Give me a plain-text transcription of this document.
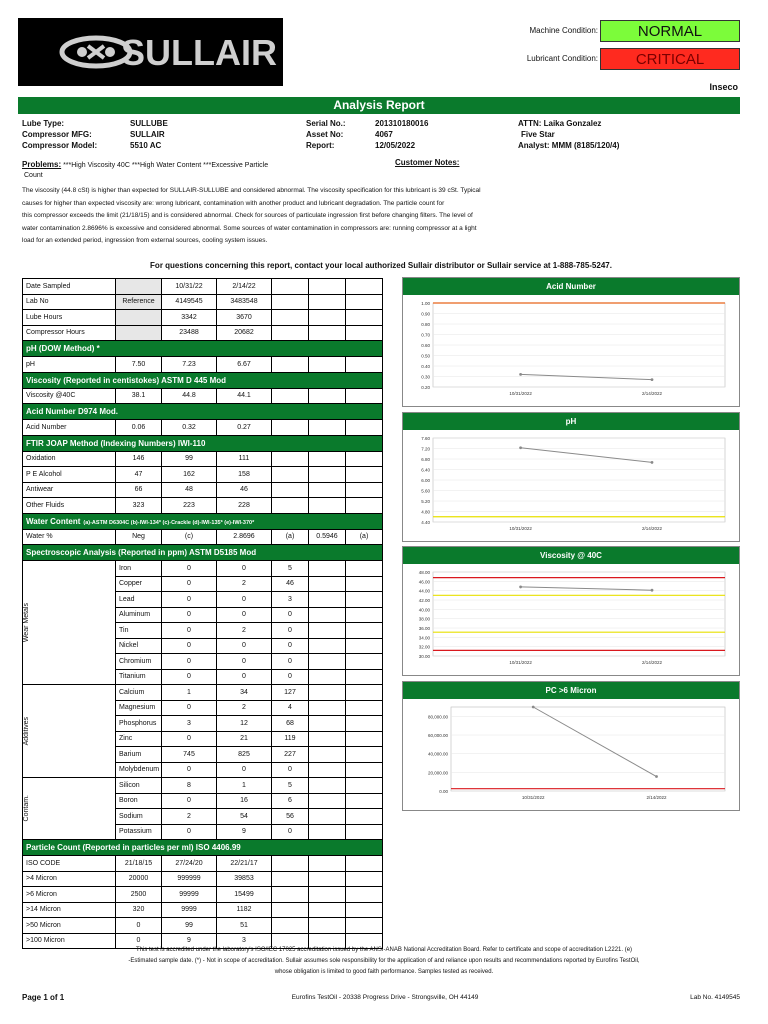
SULLAIR
Machine Condition:	NORMAL
Lubricant Condition:	CRITICAL
Inseco
Analysis Report
Lube Type:	SULLUBE
Compressor MFG:	SULLAIR
Compressor Model:	5510 AC
Serial No.:	201310180016
Asset No:	4067
Report:	12/05/2022
ATTN: Laika Gonzalez
Five Star
Analyst: MMM (8185/120/4)
Problems: ***High Viscosity 40C ***High Water Content ***Excessive Particle
Count
Customer Notes:
The viscosity (44.8 cSt) is higher than expected for SULLAIR-SULLUBE and considered abnormal. The viscosity specification for this lubricant is 39 cSt. Typical
causes for higher than expected viscosity are: wrong lubricant, contamination with another product and lubricant degradation. The particle count for
this compressor exceeds the limit (21/18/15) and is considered abnormal. Check for sources of particulate ingression first before changing filters. The level of
water contamination 2.8696% is excessive and considered abnormal. Some sources of water contamination in compressors are: running compressor at a light
load for an extended period, ingression from external sources, cooling system issues.
For questions concerning this report, contact your local authorized Sullair distributor or Sullair service at 1-888-785-5247.
Date Sampled		10/31/22	2/14/22			
Lab No	Reference	4149545	3483548			
Lube Hours		3342	3670			
Compressor Hours		23488	20682			
pH (DOW Method) *						
pH	7.50	7.23	6.67			
Viscosity (Reported in centistokes) ASTM D 445 Mod						
Viscosity @40C	38.1	44.8	44.1			
Acid Number D974 Mod.						
Acid Number	0.06	0.32	0.27			
FTIR JOAP Method (Indexing Numbers) IWI-110						
Oxidation	146	99	111			
P E Alcohol	47	162	158			
Antiwear	66	48	46			
Other Fluids	323	223	228			
Water Content (a)-ASTM D6304C (b)-IWI-134* (c)-Crackle (d)-IWI-135* (e)-IWI-370*						
Water %	Neg	(c)	2.8696	(a)	0.5946	(a)
Spectroscopic Analysis (Reported in ppm) ASTM D5185 Mod						

Wear Metals	Iron	0	0	5		
	Copper	0	2	46		
	Lead	0	0	3		
	Aluminum	0	0	0		
	Tin	0	2	0		
	Nickel	0	0	0		
	Chromium	0	0	0		
	Titanium	0	0	0		

Additives	Calcium	1	34	127		
	Magnesium	0	2	4		
	Phosphorus	3	12	68		
	Zinc	0	21	119		
	Barium	745	825	227		
	Molybdenum	0	0	0		

Contam.	Silicon	8	1	5		
	Boron	0	16	6		
	Sodium	2	54	56		
	Potassium	0	9	0		
Particle Count (Reported in particles per ml) ISO 4406.99						
ISO CODE	21/18/15	27/24/20	22/21/17			
>4 Micron	20000	999999	39853			
>6 Micron	2500	99999	15499			
>14 Micron	320	9999	1182			
>50 Micron	0	99	51			
>100 Micron	0	9	3			
Acid Number
1.00
0.90
0.80
0.70
0.60
0.50
0.40
0.30
0.20
10/31/2022	2/14/2022
pH
7.60
7.20
6.80
6.40
6.00
5.60
5.20
4.80
4.40
10/31/2022	2/14/2022
Viscosity @ 40C
48.00
46.00
44.00
42.00
40.00
38.00
36.00
34.00
32.00
30.00
10/31/2022	2/14/2022
PC >6 Micron
80,000.00
60,000.00
40,000.00
20,000.00
0.00
10/31/2022	2/14/2022
This test is accredited under the laboratory's ISO/IEC 17025 accreditation issued by the ANSI-ANAB National Accreditation Board. Refer to certificate and scope of accreditation L2221. (e)
-Estimated sample date. (*) - Not in scope of accreditation. Sullair assumes sole responsibility for the application of and reliance upon results and recommendations reported by Eurofins TestOil,
whose obligation is limited to good faith performance. Samples tested as received.
Page 1 of 1	Eurofins TestOil - 20338 Progress Drive - Strongsville, OH 44149	Lab No. 4149545
